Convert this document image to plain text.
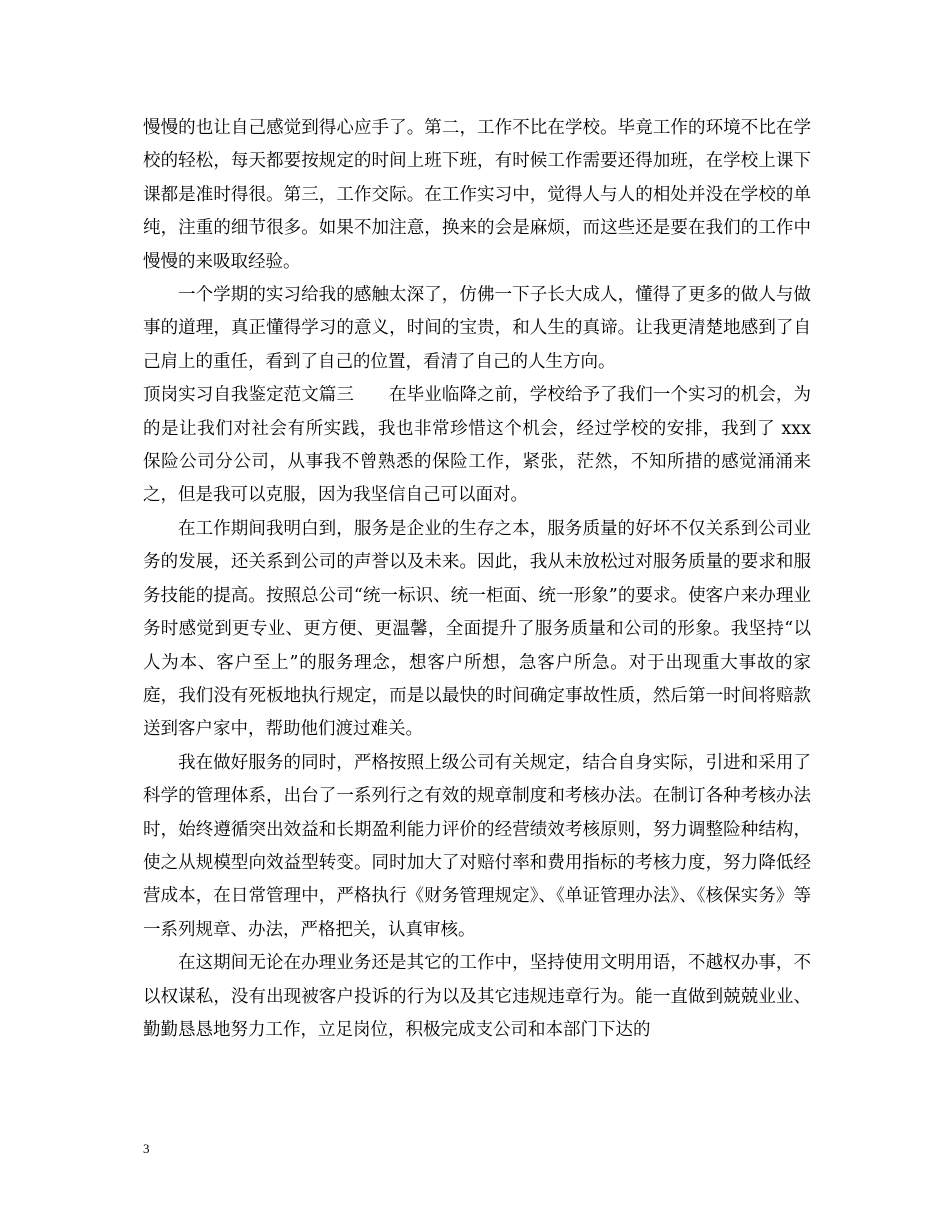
慢慢的也让自己感觉到得心应手了。第二，工作不比在学校。毕竟工作的环境不比在学校的轻松，每天都要按规定的时间上班下班，有时候工作需要还得加班，在学校上课下课都是准时得很。第三，工作交际。在工作实习中，觉得人与人的相处并没在学校的单纯，注重的细节很多。如果不加注意，换来的会是麻烦，而这些还是要在我们的工作中慢慢的来吸取经验。

一个学期的实习给我的感触太深了，仿佛一下子长大成人，懂得了更多的做人与做事的道理，真正懂得学习的意义，时间的宝贵，和人生的真谛。让我更清楚地感到了自己肩上的重任，看到了自己的位置，看清了自己的人生方向。

顶岗实习自我鉴定范文篇三　　在毕业临降之前，学校给予了我们一个实习的机会，为的是让我们对社会有所实践，我也非常珍惜这个机会，经过学校的安排，我到了 xxx 保险公司分公司，从事我不曾熟悉的保险工作，紧张，茫然，不知所措的感觉涌涌来之，但是我可以克服，因为我坚信自己可以面对。

在工作期间我明白到，服务是企业的生存之本，服务质量的好坏不仅关系到公司业务的发展，还关系到公司的声誉以及未来。因此，我从未放松过对服务质量的要求和服务技能的提高。按照总公司“统一标识、统一柜面、统一形象”的要求。使客户来办理业务时感觉到更专业、更方便、更温馨，全面提升了服务质量和公司的形象。我坚持“以人为本、客户至上”的服务理念，想客户所想，急客户所急。对于出现重大事故的家庭，我们没有死板地执行规定，而是以最快的时间确定事故性质，然后第一时间将赔款送到客户家中，帮助他们渡过难关。

我在做好服务的同时，严格按照上级公司有关规定，结合自身实际，引进和采用了科学的管理体系，出台了一系列行之有效的规章制度和考核办法。在制订各种考核办法时，始终遵循突出效益和长期盈利能力评价的经营绩效考核原则，努力调整险种结构，使之从规模型向效益型转变。同时加大了对赔付率和费用指标的考核力度，努力降低经营成本，在日常管理中，严格执行《财务管理规定》、《单证管理办法》、《核保实务》等一系列规章、办法，严格把关，认真审核。

在这期间无论在办理业务还是其它的工作中，坚持使用文明用语，不越权办事，不以权谋私，没有出现被客户投诉的行为以及其它违规违章行为。能一直做到兢兢业业、勤勤恳恳地努力工作，立足岗位，积极完成支公司和本部门下达的

3
